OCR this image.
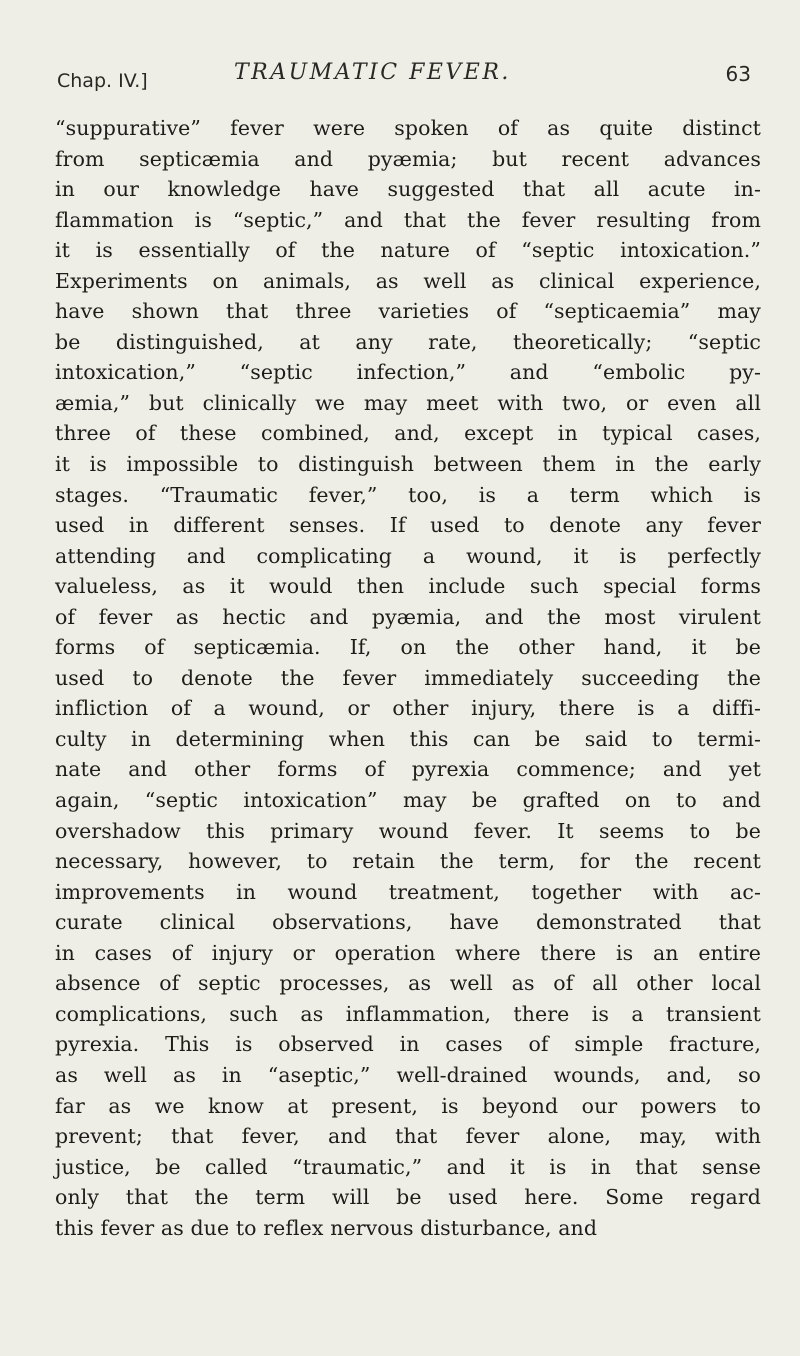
Chap. IV.]	TRAUMATIC FEVER.	63
“suppurative” fever were spoken of as quite distinct
from septicæmia and pyæmia; but recent advances
in our knowledge have suggested that all acute in-
flammation is “septic,” and that the fever resulting from
it is essentially of the nature of “septic intoxication.”
Experiments on animals, as well as clinical experience,
have shown that three varieties of “septicaemia” may
be distinguished, at any rate, theoretically; “septic
intoxication,” “septic infection,” and “embolic py-
æmia,” but clinically we may meet with two, or even all
three of these combined, and, except in typical cases,
it is impossible to distinguish between them in the early
stages. “Traumatic fever,” too, is a term which is
used in different senses. If used to denote any fever
attending and complicating a wound, it is perfectly
valueless, as it would then include such special forms
of fever as hectic and pyæmia, and the most virulent
forms of septicæmia. If, on the other hand, it be
used to denote the fever immediately succeeding the
infliction of a wound, or other injury, there is a diffi-
culty in determining when this can be said to termi-
nate and other forms of pyrexia commence; and yet
again, “septic intoxication” may be grafted on to and
overshadow this primary wound fever. It seems to be
necessary, however, to retain the term, for the recent
improvements in wound treatment, together with ac-
curate clinical observations, have demonstrated that
in cases of injury or operation where there is an entire
absence of septic processes, as well as of all other local
complications, such as inflammation, there is a transient
pyrexia. This is observed in cases of simple fracture,
as well as in “aseptic,” well-drained wounds, and, so
far as we know at present, is beyond our powers to
prevent; that fever, and that fever alone, may, with
justice, be called “traumatic,” and it is in that sense
only that the term will be used here. Some regard
this fever as due to reflex nervous disturbance, and
